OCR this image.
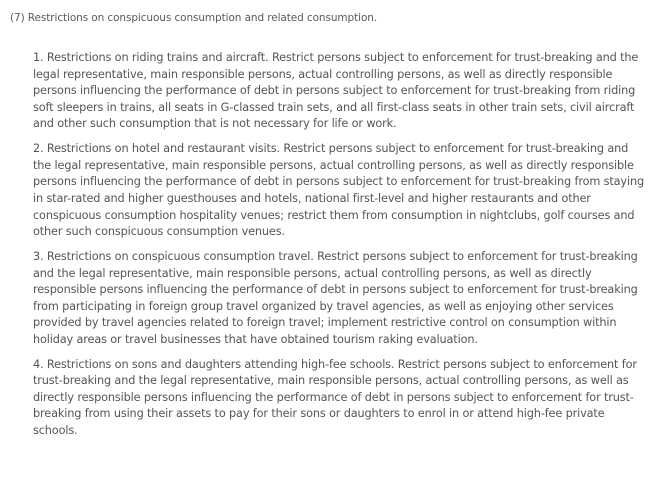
(7) Restrictions on conspicuous consumption and related consumption.

1. Restrictions on riding trains and aircraft. Restrict persons subject to enforcement for trust-breaking and the legal representative, main responsible persons, actual controlling persons, as well as directly responsible persons influencing the performance of debt in persons subject to enforcement for trust-breaking from riding soft sleepers in trains, all seats in G-classed train sets, and all first-class seats in other train sets, civil aircraft and other such consumption that is not necessary for life or work.

2. Restrictions on hotel and restaurant visits. Restrict persons subject to enforcement for trust-breaking and the legal representative, main responsible persons, actual controlling persons, as well as directly responsible persons influencing the performance of debt in persons subject to enforcement for trust-breaking from staying in star-rated and higher guesthouses and hotels, national first-level and higher restaurants and other conspicuous consumption hospitality venues; restrict them from consumption in nightclubs, golf courses and other such conspicuous consumption venues.

3. Restrictions on conspicuous consumption travel. Restrict persons subject to enforcement for trust-breaking and the legal representative, main responsible persons, actual controlling persons, as well as directly responsible persons influencing the performance of debt in persons subject to enforcement for trust-breaking from participating in foreign group travel organized by travel agencies, as well as enjoying other services provided by travel agencies related to foreign travel; implement restrictive control on consumption within holiday areas or travel businesses that have obtained tourism raking evaluation.

4. Restrictions on sons and daughters attending high-fee schools. Restrict persons subject to enforcement for trust-breaking and the legal representative, main responsible persons, actual controlling persons, as well as directly responsible persons influencing the performance of debt in persons subject to enforcement for trust-breaking from using their assets to pay for their sons or daughters to enrol in or attend high-fee private schools.
